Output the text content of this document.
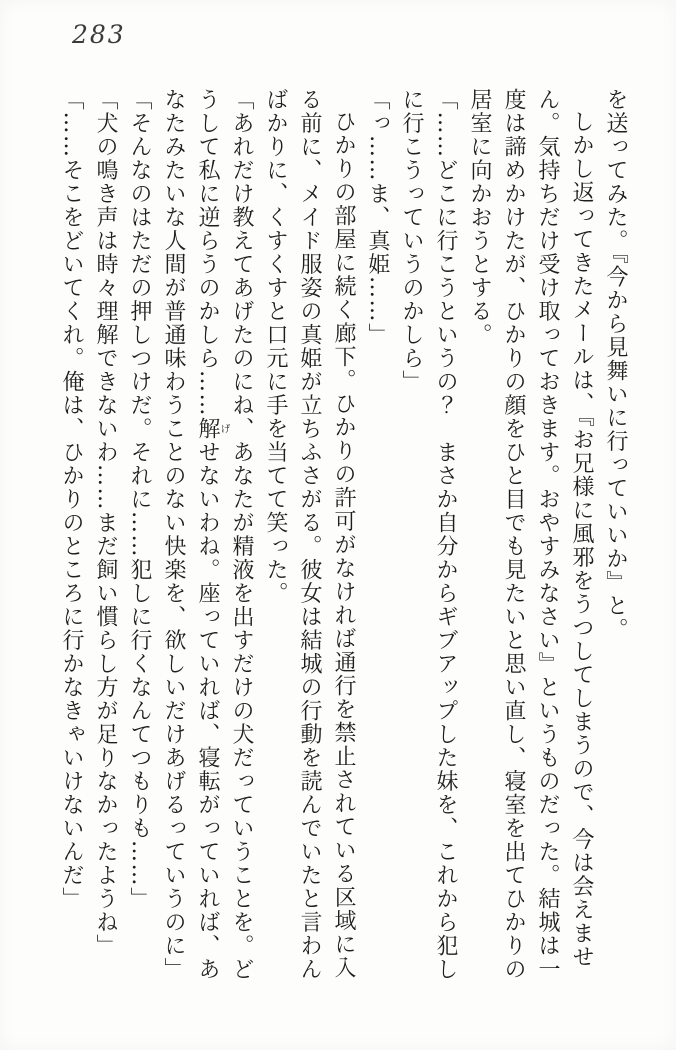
283
を送ってみた。『今から見舞いに行っていいか』と。
しかし返ってきたメールは、『お兄様に風邪をうつしてしまうので、今は会えません。気持ちだけ受け取っておきます。おやすみなさい』というものだった。結城は一度は諦めかけたが、ひかりの顔をひと目でも見たいと思い直し、寝室を出てひかりの居室に向かおうとする。
「……どこに行こうというの？　まさか自分からギブアップした妹を、これから犯しに行こうっていうのかしら」
「っ……ま、真姫……」
ひかりの部屋に続く廊下。ひかりの許可がなければ通行を禁止されている区域に入る前に、メイド服姿の真姫が立ちふさがる。彼女は結城の行動を読んでいたと言わんばかりに、くすくすと口元に手を当てて笑った。
「あれだけ教えてあげたのにね、あなたが精液を出すだけの犬だっていうことを。どうして私に逆らうのかしら……解げせないわね。座っていれば、寝転がっていれば、あなたみたいな人間が普通味わうことのない快楽を、欲しいだけあげるっていうのに」
「そんなのはただの押しつけだ。それに……犯しに行くなんてつもりも……」
「犬の鳴き声は時々理解できないわ……まだ飼い慣らし方が足りなかったようね」
「……そこをどいてくれ。俺は、ひかりのところに行かなきゃいけないんだ」
